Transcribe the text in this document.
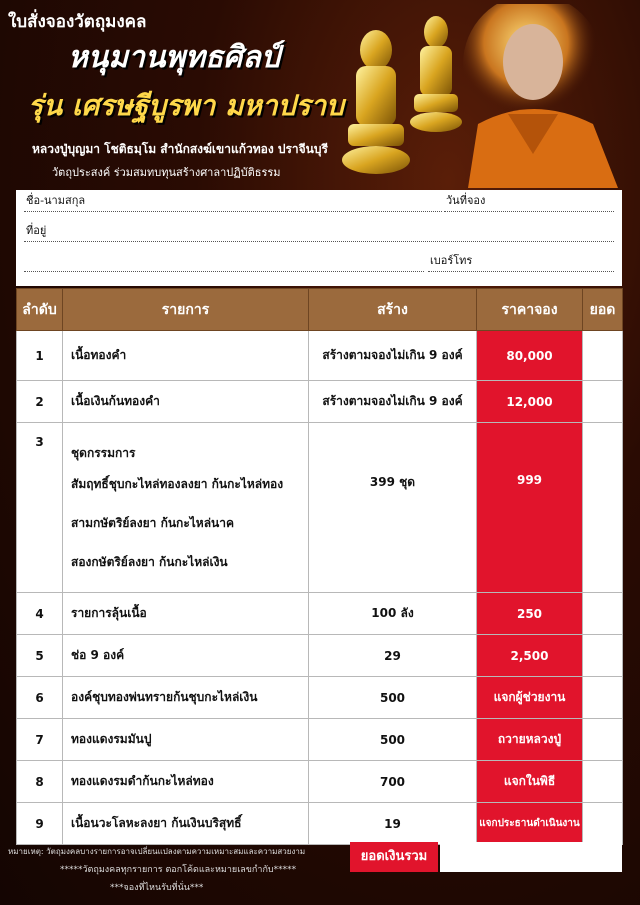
ใบสั่งจองวัตถุมงคล
หนุมานพุทธศิลป์
รุ่น เศรษฐีบูรพา มหาปราบ
หลวงปู่บุญมา โชติธมฺโม สำนักสงฆ์เขาแก้วทอง ปราจีนบุรี
วัตถุประสงค์ ร่วมสมทบทุนสร้างศาลาปฏิบัติธรรม
ชื่อ-นามสกุล	วันที่จอง
ที่อยู่
เบอร์โทร
ลำดับ	รายการ	สร้าง	ราคาจอง	ยอด
1	เนื้อทองคำ	สร้างตามจองไม่เกิน 9 องค์	80,000	
2	เนื้อเงินก้นทองคำ	สร้างตามจองไม่เกิน 9 องค์	12,000	
3	ชุดกรรมการ
สัมฤทธิ์ชุบกะไหล่ทองลงยา ก้นกะไหล่ทอง
สามกษัตริย์ลงยา ก้นกะไหล่นาค
สองกษัตริย์ลงยา ก้นกะไหล่เงิน	399 ชุด	999	
4	รายการลุ้นเนื้อ	100 ลัง	250	
5	ช่อ 9 องค์	29	2,500	
6	องค์ชุบทองพ่นทรายก้นชุบกะไหล่เงิน	500	แจกผู้ช่วยงาน	
7	ทองแดงรมมันปู	500	ถวายหลวงปู่	
8	ทองแดงรมดำก้นกะไหล่ทอง	700	แจกในพิธี	
9	เนื้อนวะโลหะลงยา ก้นเงินบริสุทธิ์	19	แจกประธานดำเนินงาน	
หมายเหตุ: วัตถุมงคลบางรายการอาจเปลี่ยนแปลงตามความเหมาะสมและความสวยงาม
*****วัตถุมงคลทุกรายการ ตอกโค้ดและหมายเลขกำกับ*****
***จองที่ไหนรับที่นั่น***
ยอดเงินรวม
